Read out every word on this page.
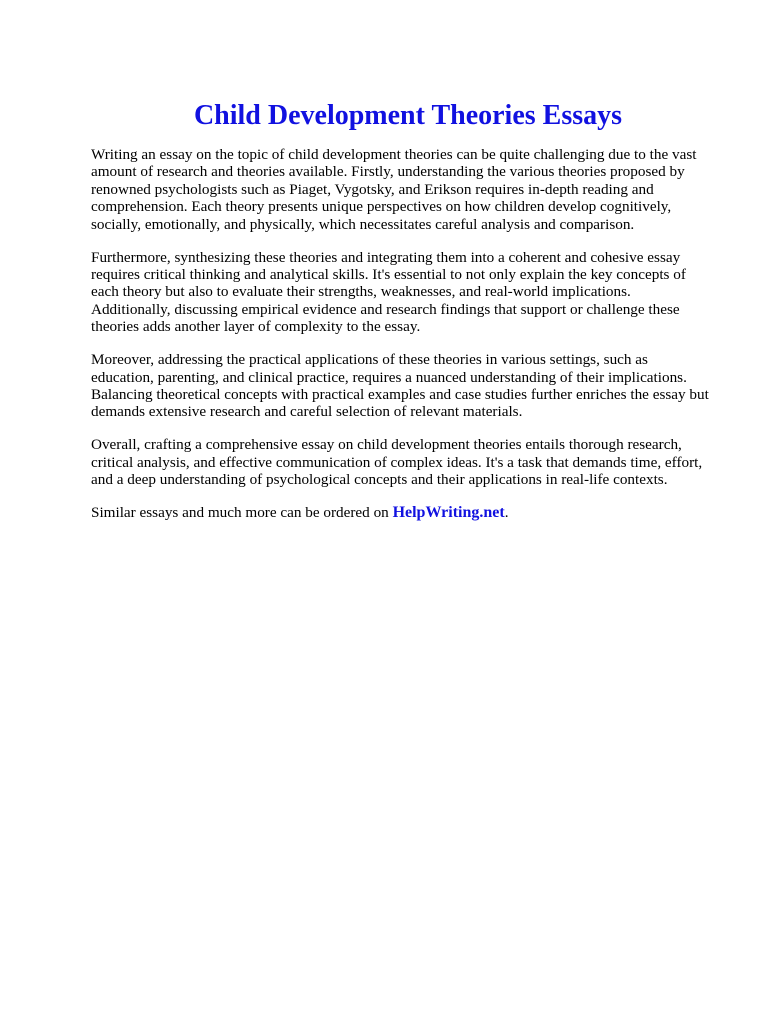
Child Development Theories Essays

Writing an essay on the topic of child development theories can be quite challenging due to the vast
amount of research and theories available. Firstly, understanding the various theories proposed by
renowned psychologists such as Piaget, Vygotsky, and Erikson requires in-depth reading and
comprehension. Each theory presents unique perspectives on how children develop cognitively,
socially, emotionally, and physically, which necessitates careful analysis and comparison.

Furthermore, synthesizing these theories and integrating them into a coherent and cohesive essay
requires critical thinking and analytical skills. It's essential to not only explain the key concepts of
each theory but also to evaluate their strengths, weaknesses, and real-world implications.
Additionally, discussing empirical evidence and research findings that support or challenge these
theories adds another layer of complexity to the essay.

Moreover, addressing the practical applications of these theories in various settings, such as
education, parenting, and clinical practice, requires a nuanced understanding of their implications.
Balancing theoretical concepts with practical examples and case studies further enriches the essay but
demands extensive research and careful selection of relevant materials.

Overall, crafting a comprehensive essay on child development theories entails thorough research,
critical analysis, and effective communication of complex ideas. It's a task that demands time, effort,
and a deep understanding of psychological concepts and their applications in real-life contexts.

Similar essays and much more can be ordered on HelpWriting.net.
